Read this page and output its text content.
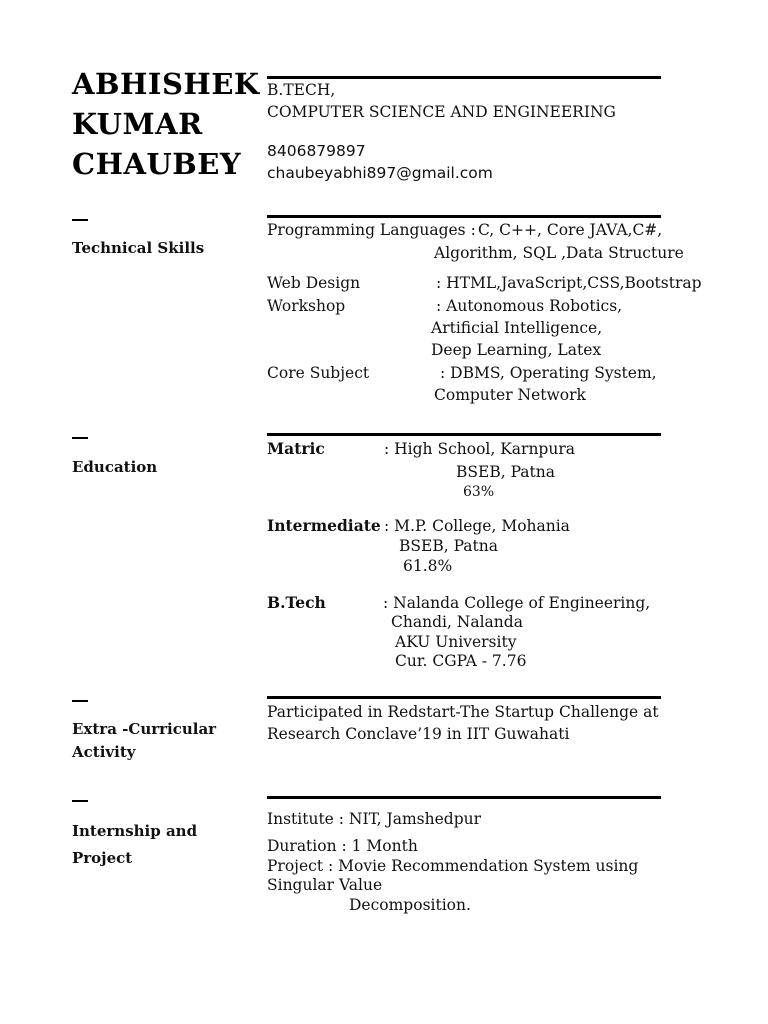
ABHISHEK
KUMAR
CHAUBEY
B.TECH,
COMPUTER SCIENCE AND ENGINEERING
8406879897
chaubeyabhi897@gmail.com
Technical Skills
Programming Languages : C, C++, Core JAVA,C#,
Algorithm, SQL ,Data Structure
Web Design	: HTML,JavaScript,CSS,Bootstrap
Workshop	: Autonomous Robotics,
Artificial Intelligence,
Deep Learning, Latex
Core Subject	: DBMS, Operating System,
Computer Network
Education
Matric	: High School, Karnpura
BSEB, Patna
63%
Intermediate : M.P. College, Mohania
BSEB, Patna
61.8%
B.Tech	: Nalanda College of Engineering,
Chandi, Nalanda
AKU University
Cur. CGPA - 7.76
Extra -Curricular
Activity
Participated in Redstart-The Startup Challenge at
Research Conclave’19 in IIT Guwahati
Internship and
Project
Institute : NIT, Jamshedpur
Duration : 1 Month
Project : Movie Recommendation System using
Singular Value
Decomposition.
